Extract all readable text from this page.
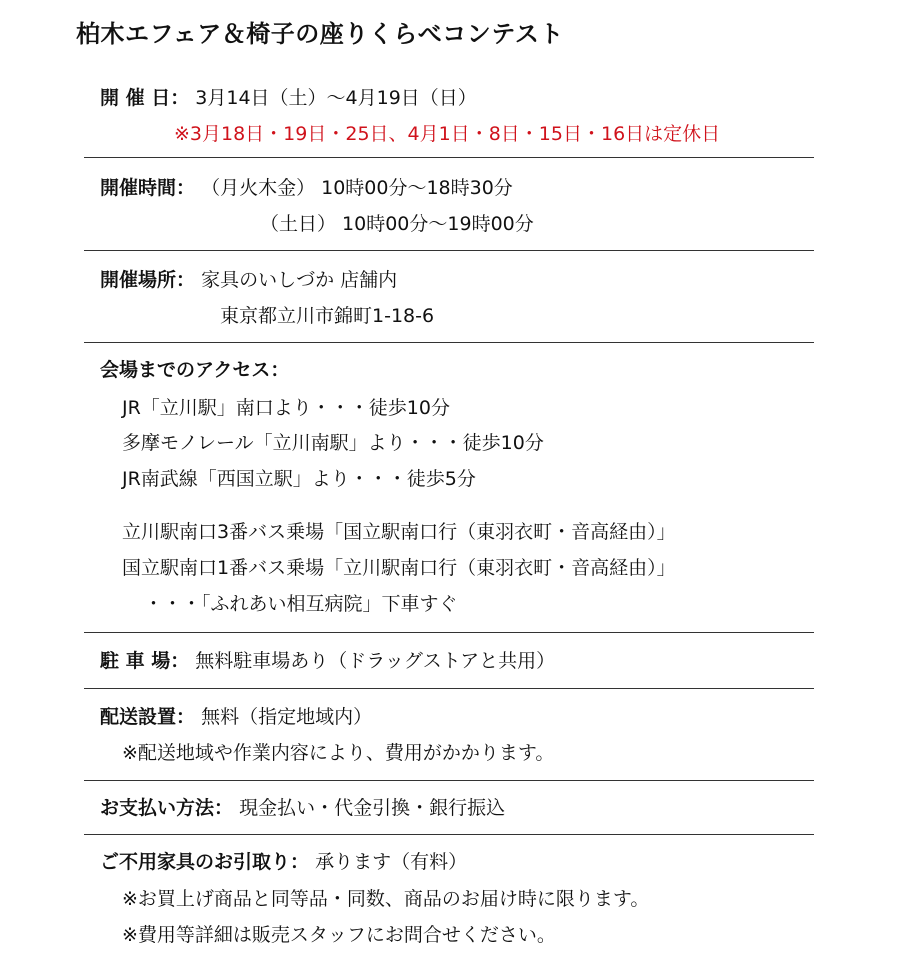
柏木エフェア＆椅子の座りくらべコンテスト
開 催 日： 3月14日（土）～4月19日（日）
※3月18日・19日・25日、4月1日・8日・15日・16日は定休日
開催時間： （月火木金） 10時00分～18時30分
（土日） 10時00分～19時00分
開催場所： 家具のいしづか 店舗内
東京都立川市錦町1-18-6
会場までのアクセス：
JR「立川駅」南口より・・・徒歩10分
多摩モノレール「立川南駅」より・・・徒歩10分
JR南武線「西国立駅」より・・・徒歩5分
立川駅南口3番バス乗場「国立駅南口行（東羽衣町・音高経由）」
国立駅南口1番バス乗場「立川駅南口行（東羽衣町・音高経由）」
・・・「ふれあい相互病院」下車すぐ
駐 車 場： 無料駐車場あり（ドラッグストアと共用）
配送設置： 無料（指定地域内）
※配送地域や作業内容により、費用がかかります。
お支払い方法： 現金払い・代金引換・銀行振込
ご不用家具のお引取り： 承ります（有料）
※お買上げ商品と同等品・同数、商品のお届け時に限ります。
※費用等詳細は販売スタッフにお問合せください。
